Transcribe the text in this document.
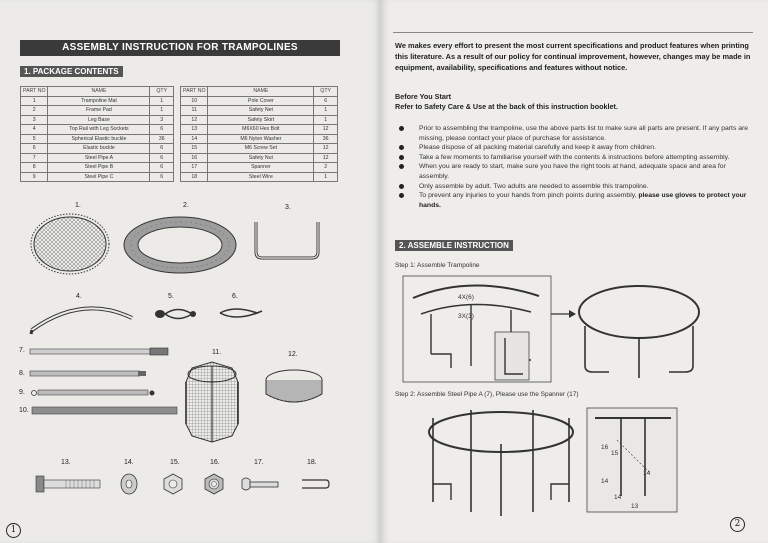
ASSEMBLY INSTRUCTION FOR TRAMPOLINES
1. PACKAGE CONTENTS
PART NO	NAME	QTY
1	Trampoline Mat	1
2	Frame Pad	1
3	Leg Base	3
4	Top Rail with Leg Sockets	6
5	Spherical Elastic buckle	36
6	Elastic buckle	6
7	Steel Pipe A	6
8	Steel Pipe B	6
9	Steel Pipe C	6
PART NO	NAME	QTY
10	Pole Cover	6
11	Safety Net	1
12	Safety Skirt	1
13	M6X60 Hex Bolt	12
14	M6 Nylon Washer	36
15	M6 Screw Set	12
16	Safety Nut	12
17	Spanner	2
18	Steel Wire	1
1.	2.	3.
4.	5.	6.
7.
8.
9.
10.
11.	12.
13.	14.	15.	16.	17.	18.
1

We makes every effort to present the most current specifications and product features when printing this literature. As a result of our policy for continual improvement, however, changes may be made in equipment, availability, specifications and features without notice.

Before You Start
Refer to Safety Care & Use at the back of this instruction booklet.
Prior to assembling the trampoline, use the above parts list to make sure all parts are present. If any parts are missing, please contact your place of purchase for assistance.
Please dispose of all packing material carefully and keep it away from children.
Take a few moments to familiarise yourself with the contents & instructions before attempting assembly.
When you are ready to start, make sure you have the right tools at hand, adequate space and area for assembly.
Only assemble by adult. Two adults are needed to assemble this trampoline.
To prevent any injuries to your hands from pinch points during assembly, please use gloves to protect your hands.
2. ASSEMBLE INSTRUCTION
Step 1: Assemble Trampoline
4X(6)
3X(3)
Step 2: Assemble Steel Pipe A (7), Please use the Spanner (17)
16
15
14
14
14
13
2
